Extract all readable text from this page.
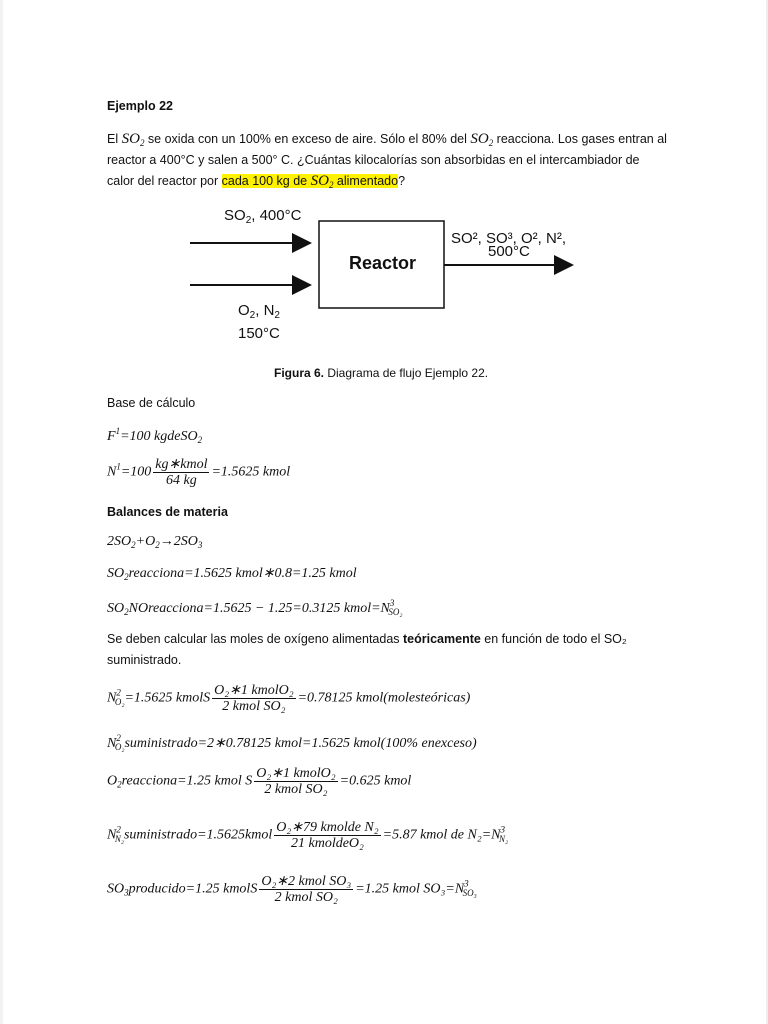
Ejemplo 22
El $SO_2$ se oxida con un 100% en exceso de aire. Sólo el 80% del $SO_2$ reacciona. Los gases entran al
reactor a 400°C y salen a 500° C. ¿Cuántas kilocalorías son absorbidas en el intercambiador de
calor del reactor por cada 100 kg de $SO_2$ alimentado?
$SO_2$, 400°C
Reactor
SO², SO³, O², N²,
500°C
$O_2$, $N_2$
150°C
Figura 6. Diagrama de flujo Ejemplo 22.
Base de cálculo
$F^1=100$ kgdeSO$_2$
$N^1=100 \frac{\text{kg∗kmol}}{64 kg} =1.5625$ kmol
Balances de materia
$2SO_2+O_2\to 2SO_3$
$SO_2reacciona=1.5625$ kmol∗0.8=1.25 kmol
$SO_2NOreacciona=1.5625 - 1.25=0.3125$ $kmol=N^3_{SO_2}$
Se deben calcular las moles de oxígeno alimentadas teóricamente en función de todo el SO₂
suministrado.
$N^2_{O_2}=1.5625$ kmolS $\frac{\text{O₂∗1 kmolO₂}}{\text{2 kmol SO₂}} =0.78125$ kmol(molesteóricas)
$N^2_{O_2}suministrado=2∗0.78125$ kmol=1.5625 kmol(100% enexceso)
$O_2reacciona=1.25$ kmol S $\frac{\text{O₂∗1 kmolO₂}}{\text{2 kmol SO₂}} =0.625$ kmol
$N^2_{N_2}suministrado=1.5625kmol \frac{\text{O₂∗79 kmolde N₂}}{\text{21 kmoldeO₂}} =5.87$ kmol de $N_2=N^3_{N_2}$
$SO_3producido=1.25$ kmolS $\frac{\text{O₂∗2 kmol SO₃}}{\text{2 kmol SO₂}} =1.25$ kmol $SO_3=N^3_{SO_3}$
